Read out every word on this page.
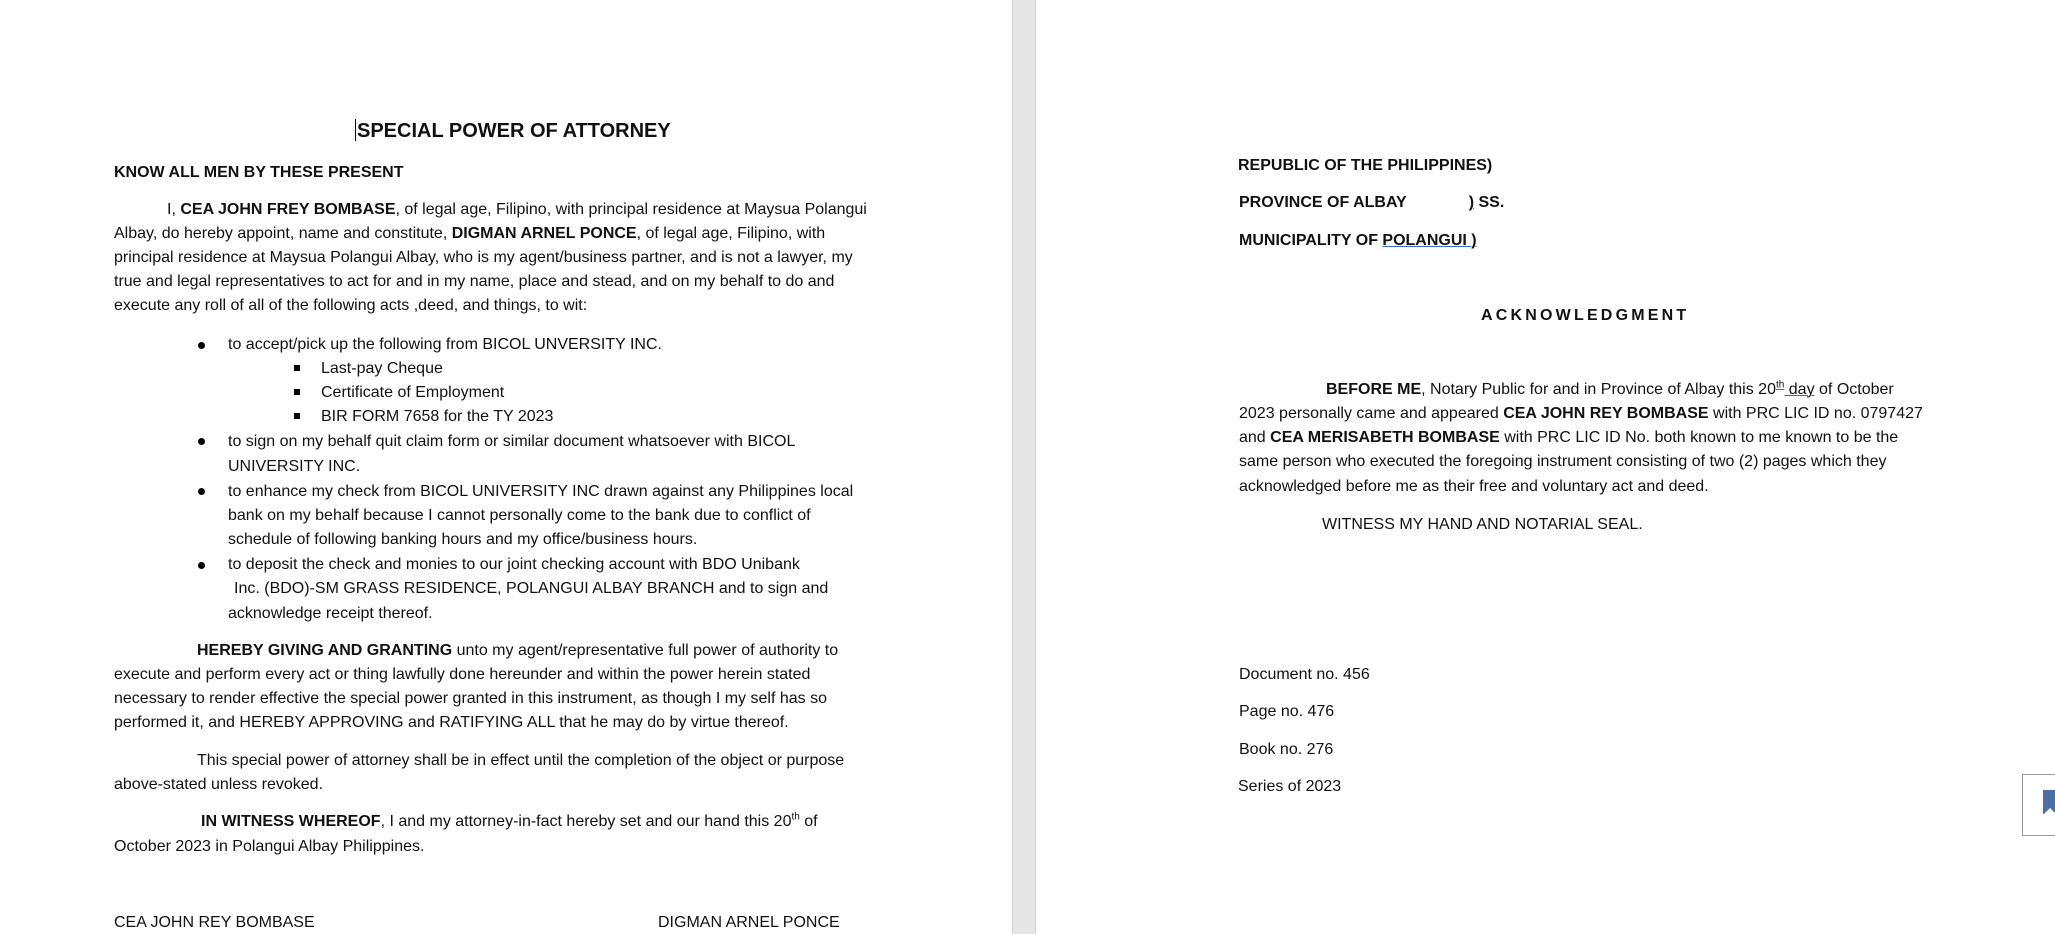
SPECIAL POWER OF ATTORNEY
KNOW ALL MEN BY THESE PRESENT
I, CEA JOHN FREY BOMBASE, of legal age, Filipino, with principal residence at Maysua Polangui
Albay, do hereby appoint, name and constitute, DIGMAN ARNEL PONCE, of legal age, Filipino, with
principal residence at Maysua Polangui Albay, who is my agent/business partner, and is not a lawyer, my
true and legal representatives to act for and in my name, place and stead, and on my behalf to do and
execute any roll of all of the following acts ,deed, and things, to wit:
to accept/pick up the following from BICOL UNVERSITY INC.
Last-pay Cheque
Certificate of Employment
BIR FORM 7658 for the TY 2023
to sign on my behalf quit claim form or similar document whatsoever with BICOL
UNIVERSITY INC.
to enhance my check from BICOL UNIVERSITY INC drawn against any Philippines local
bank on my behalf because I cannot personally come to the bank due to conflict of
schedule of following banking hours and my office/business hours.
to deposit the check and monies to our joint checking account with BDO Unibank
Inc. (BDO)-SM GRASS RESIDENCE, POLANGUI ALBAY BRANCH and to sign and
acknowledge receipt thereof.
HEREBY GIVING AND GRANTING unto my agent/representative full power of authority to
execute and perform every act or thing lawfully done hereunder and within the power herein stated
necessary to render effective the special power granted in this instrument, as though I my self has so
performed it, and HEREBY APPROVING and RATIFYING ALL that he may do by virtue thereof.
This special power of attorney shall be in effect until the completion of the object or purpose
above-stated unless revoked.
IN WITNESS WHEREOF, I and my attorney-in-fact hereby set and our hand this 20th of
October 2023 in Polangui Albay Philippines.
CEA JOHN REY BOMBASE	DIGMAN ARNEL PONCE
REPUBLIC OF THE PHILIPPINES)
PROVINCE OF ALBAY	) SS.
MUNICIPALITY OF POLANGUI )
ACKNOWLEDGMENT
BEFORE ME, Notary Public for and in Province of Albay this 20th day of October
2023 personally came and appeared CEA JOHN REY BOMBASE with PRC LIC ID no. 0797427
and CEA MERISABETH BOMBASE with PRC LIC ID No. both known to me known to be the
same person who executed the foregoing instrument consisting of two (2) pages which they
acknowledged before me as their free and voluntary act and deed.
WITNESS MY HAND AND NOTARIAL SEAL.
Document no. 456
Page no. 476
Book no. 276
Series of 2023
